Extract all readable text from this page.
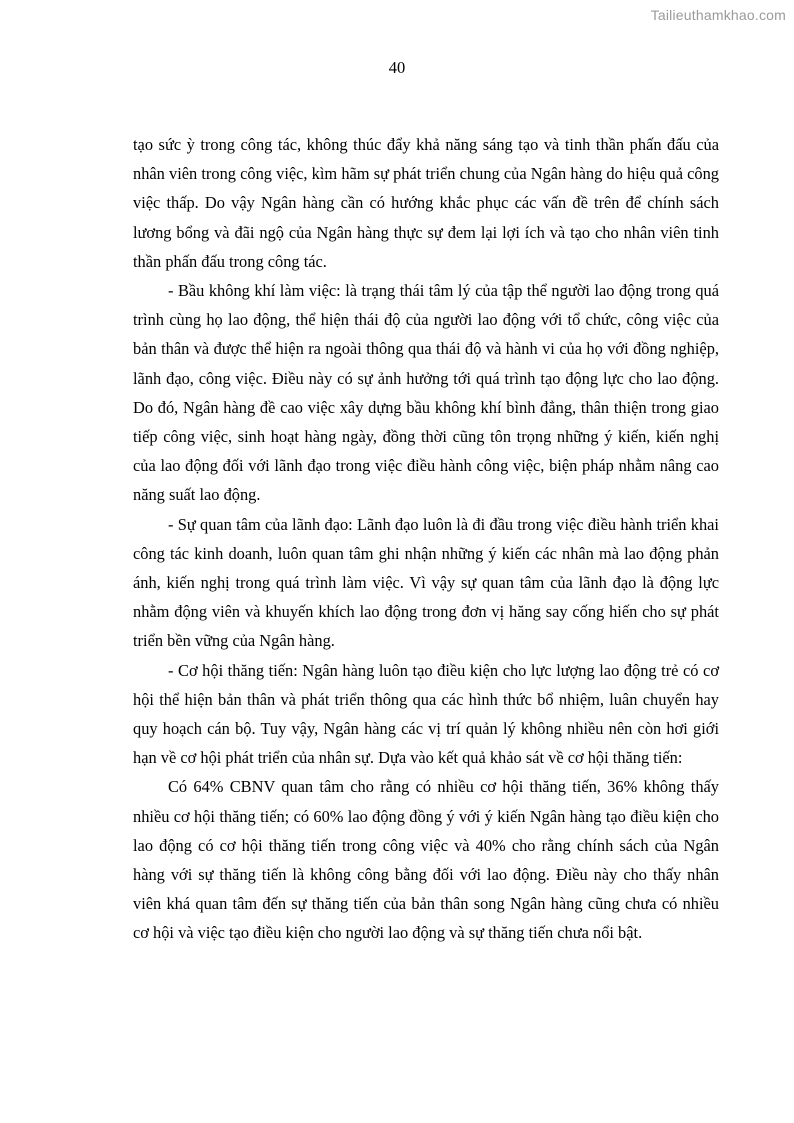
Tailieuthamkhao.com
40

tạo sức ỳ trong công tác, không thúc đẩy khả năng sáng tạo và tinh thần phấn đấu của nhân viên trong công việc, kìm hãm sự phát triển chung của Ngân hàng do hiệu quả công việc thấp. Do vậy Ngân hàng cần có hướng khắc phục các vấn đề trên để chính sách lương bổng và đãi ngộ của Ngân hàng thực sự đem lại lợi ích và tạo cho nhân viên tinh thần phấn đấu trong công tác.

- Bầu không khí làm việc: là trạng thái tâm lý của tập thể người lao động trong quá trình cùng họ lao động, thể hiện thái độ của người lao động với tổ chức, công việc của bản thân và được thể hiện ra ngoài thông qua thái độ và hành vi của họ với đồng nghiệp, lãnh đạo, công việc. Điều này có sự ảnh hưởng tới quá trình tạo động lực cho lao động. Do đó, Ngân hàng đề cao việc xây dựng bầu không khí bình đẳng, thân thiện trong giao tiếp công việc, sinh hoạt hàng ngày, đồng thời cũng tôn trọng những ý kiến, kiến nghị của lao động đối với lãnh đạo trong việc điều hành công việc, biện pháp nhằm nâng cao năng suất lao động.

- Sự quan tâm của lãnh đạo: Lãnh đạo luôn là đi đầu trong việc điều hành triển khai công tác kinh doanh, luôn quan tâm ghi nhận những ý kiến các nhân mà lao động phản ánh, kiến nghị trong quá trình làm việc. Vì vậy sự quan tâm của lãnh đạo là động lực nhằm động viên và khuyến khích lao động trong đơn vị hăng say cống hiến cho sự phát triển bền vững của Ngân hàng.

- Cơ hội thăng tiến: Ngân hàng luôn tạo điều kiện cho lực lượng lao động trẻ có cơ hội thể hiện bản thân và phát triển thông qua các hình thức bổ nhiệm, luân chuyển hay quy hoạch cán bộ. Tuy vậy, Ngân hàng các vị trí quản lý không nhiều nên còn hơi giới hạn về cơ hội phát triển của nhân sự. Dựa vào kết quả khảo sát về cơ hội thăng tiến:

Có 64% CBNV quan tâm cho rằng có nhiều cơ hội thăng tiến, 36% không thấy nhiều cơ hội thăng tiến; có 60% lao động đồng ý với ý kiến Ngân hàng tạo điều kiện cho lao động có cơ hội thăng tiến trong công việc và 40% cho rằng chính sách của Ngân hàng với sự thăng tiến là không công bằng đối với lao động. Điều này cho thấy nhân viên khá quan tâm đến sự thăng tiến của bản thân song Ngân hàng cũng chưa có nhiều cơ hội và việc tạo điều kiện cho người lao động và sự thăng tiến chưa nổi bật.
